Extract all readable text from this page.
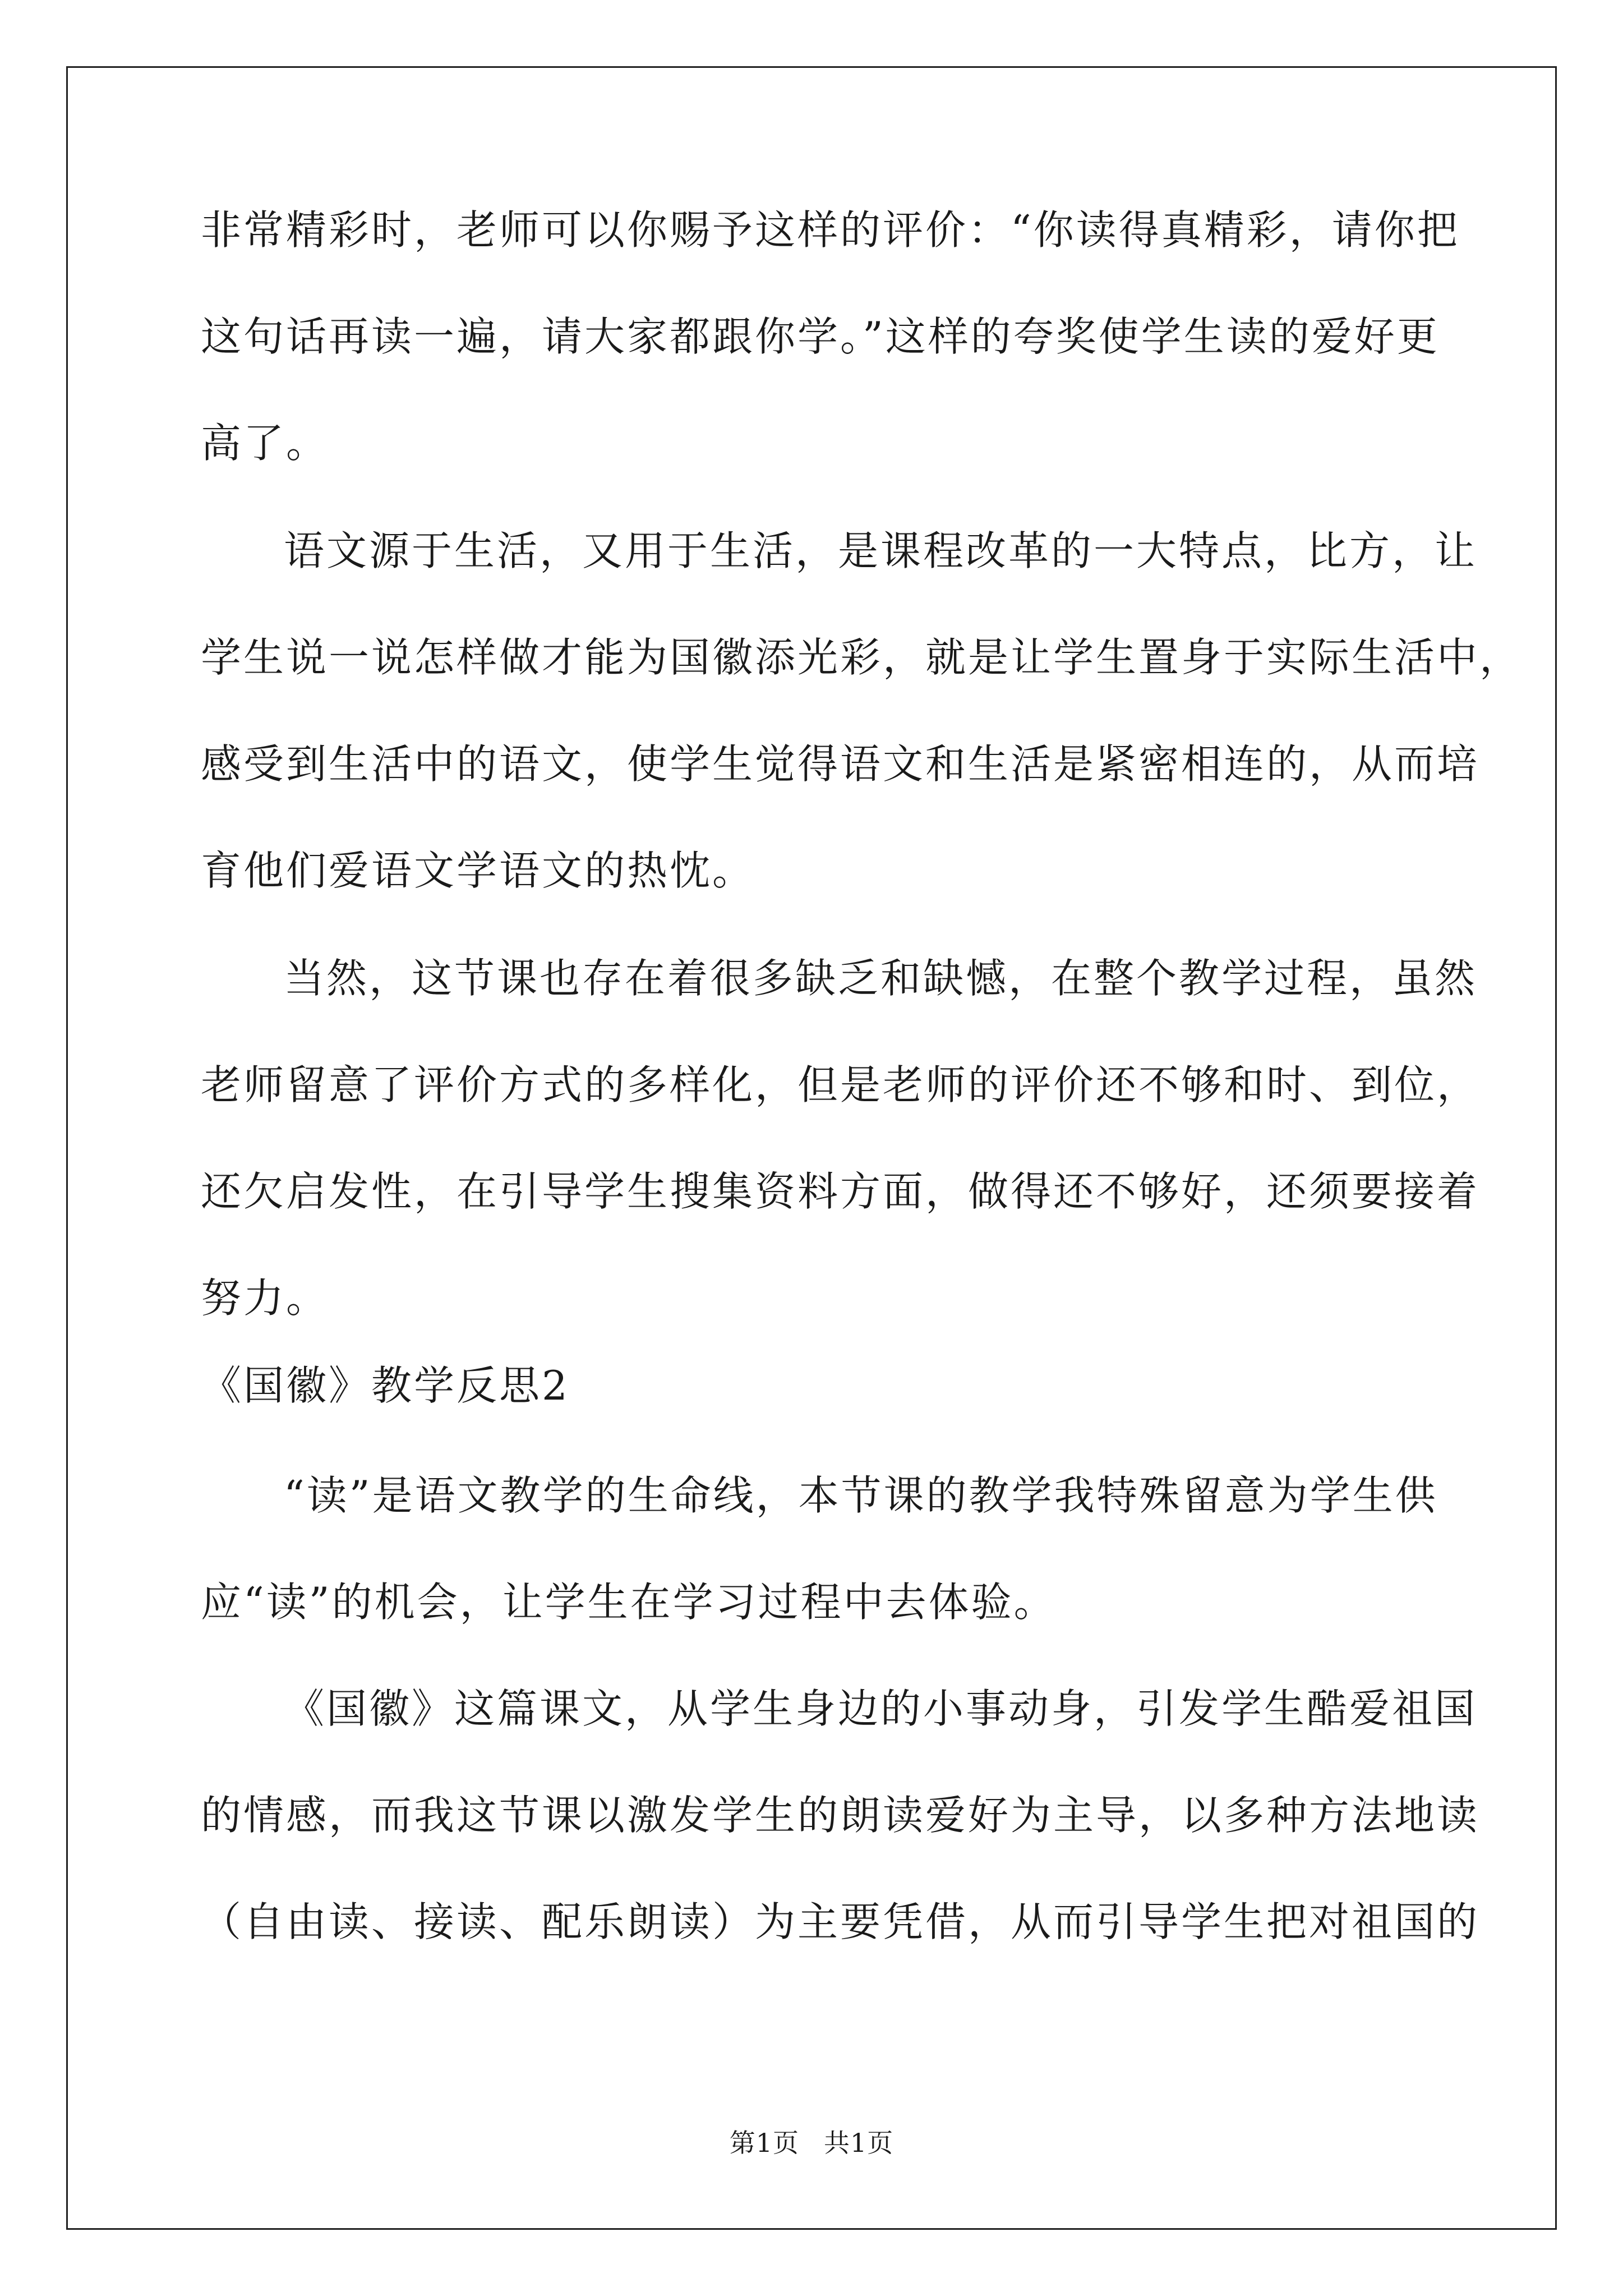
非常精彩时，老师可以你赐予这样的评价：“你读得真精彩，请你把
这句话再读一遍，请大家都跟你学。”这样的夸奖使学生读的爱好更
高了。
语文源于生活，又用于生活，是课程改革的一大特点，比方，让
学生说一说怎样做才能为国徽添光彩，就是让学生置身于实际生活中，
感受到生活中的语文，使学生觉得语文和生活是紧密相连的，从而培
育他们爱语文学语文的热忱。
当然，这节课也存在着很多缺乏和缺憾，在整个教学过程，虽然
老师留意了评价方式的多样化，但是老师的评价还不够和时、到位，
还欠启发性，在引导学生搜集资料方面，做得还不够好，还须要接着
努力。
《国徽》教学反思2
“读”是语文教学的生命线，本节课的教学我特殊留意为学生供
应“读”的机会，让学生在学习过程中去体验。
《国徽》这篇课文，从学生身边的小事动身，引发学生酷爱祖国
的情感，而我这节课以激发学生的朗读爱好为主导，以多种方法地读
（自由读、接读、配乐朗读）为主要凭借，从而引导学生把对祖国的
第1页 共1页
